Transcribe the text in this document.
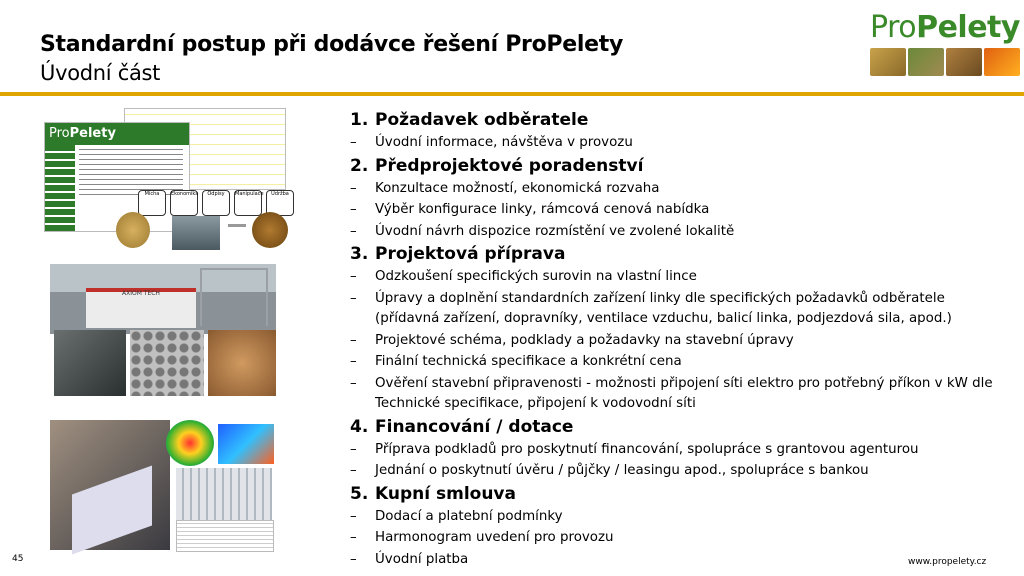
Standardní postup při dodávce řešení ProPelety
Úvodní část
ProPelety
ProPelety
Mícha	Ekonomika	Odpisy	Manipulace	Údržba
AXIOM TECH
1. Požadavek odběratele
–	Úvodní informace, návštěva v provozu
2. Předprojektové poradenství
–	Konzultace možností, ekonomická rozvaha
–	Výběr konfigurace linky, rámcová cenová nabídka
–	Úvodní návrh dispozice rozmístění ve zvolené lokalitě
3. Projektová příprava
–	Odzkoušení specifických surovin na vlastní lince
–	Úpravy a doplnění standardních zařízení linky dle specifických požadavků odběratele (přídavná zařízení, dopravníky, ventilace vzduchu, balicí linka, podjezdová sila, apod.)
–	Projektové schéma, podklady a požadavky na stavební úpravy
–	Finální technická specifikace a konkrétní cena
–	Ověření stavební připravenosti - možnosti připojení síti elektro pro potřebný příkon v kW dle Technické specifikace, připojení k vodovodní síti
4. Financování / dotace
–	Příprava podkladů pro poskytnutí financování, spolupráce s grantovou agenturou
–	Jednání o poskytnutí úvěru / půjčky / leasingu apod., spolupráce s bankou
5. Kupní smlouva
–	Dodací a platební podmínky
–	Harmonogram uvedení pro provozu
–	Úvodní platba
45	www.propelety.cz
